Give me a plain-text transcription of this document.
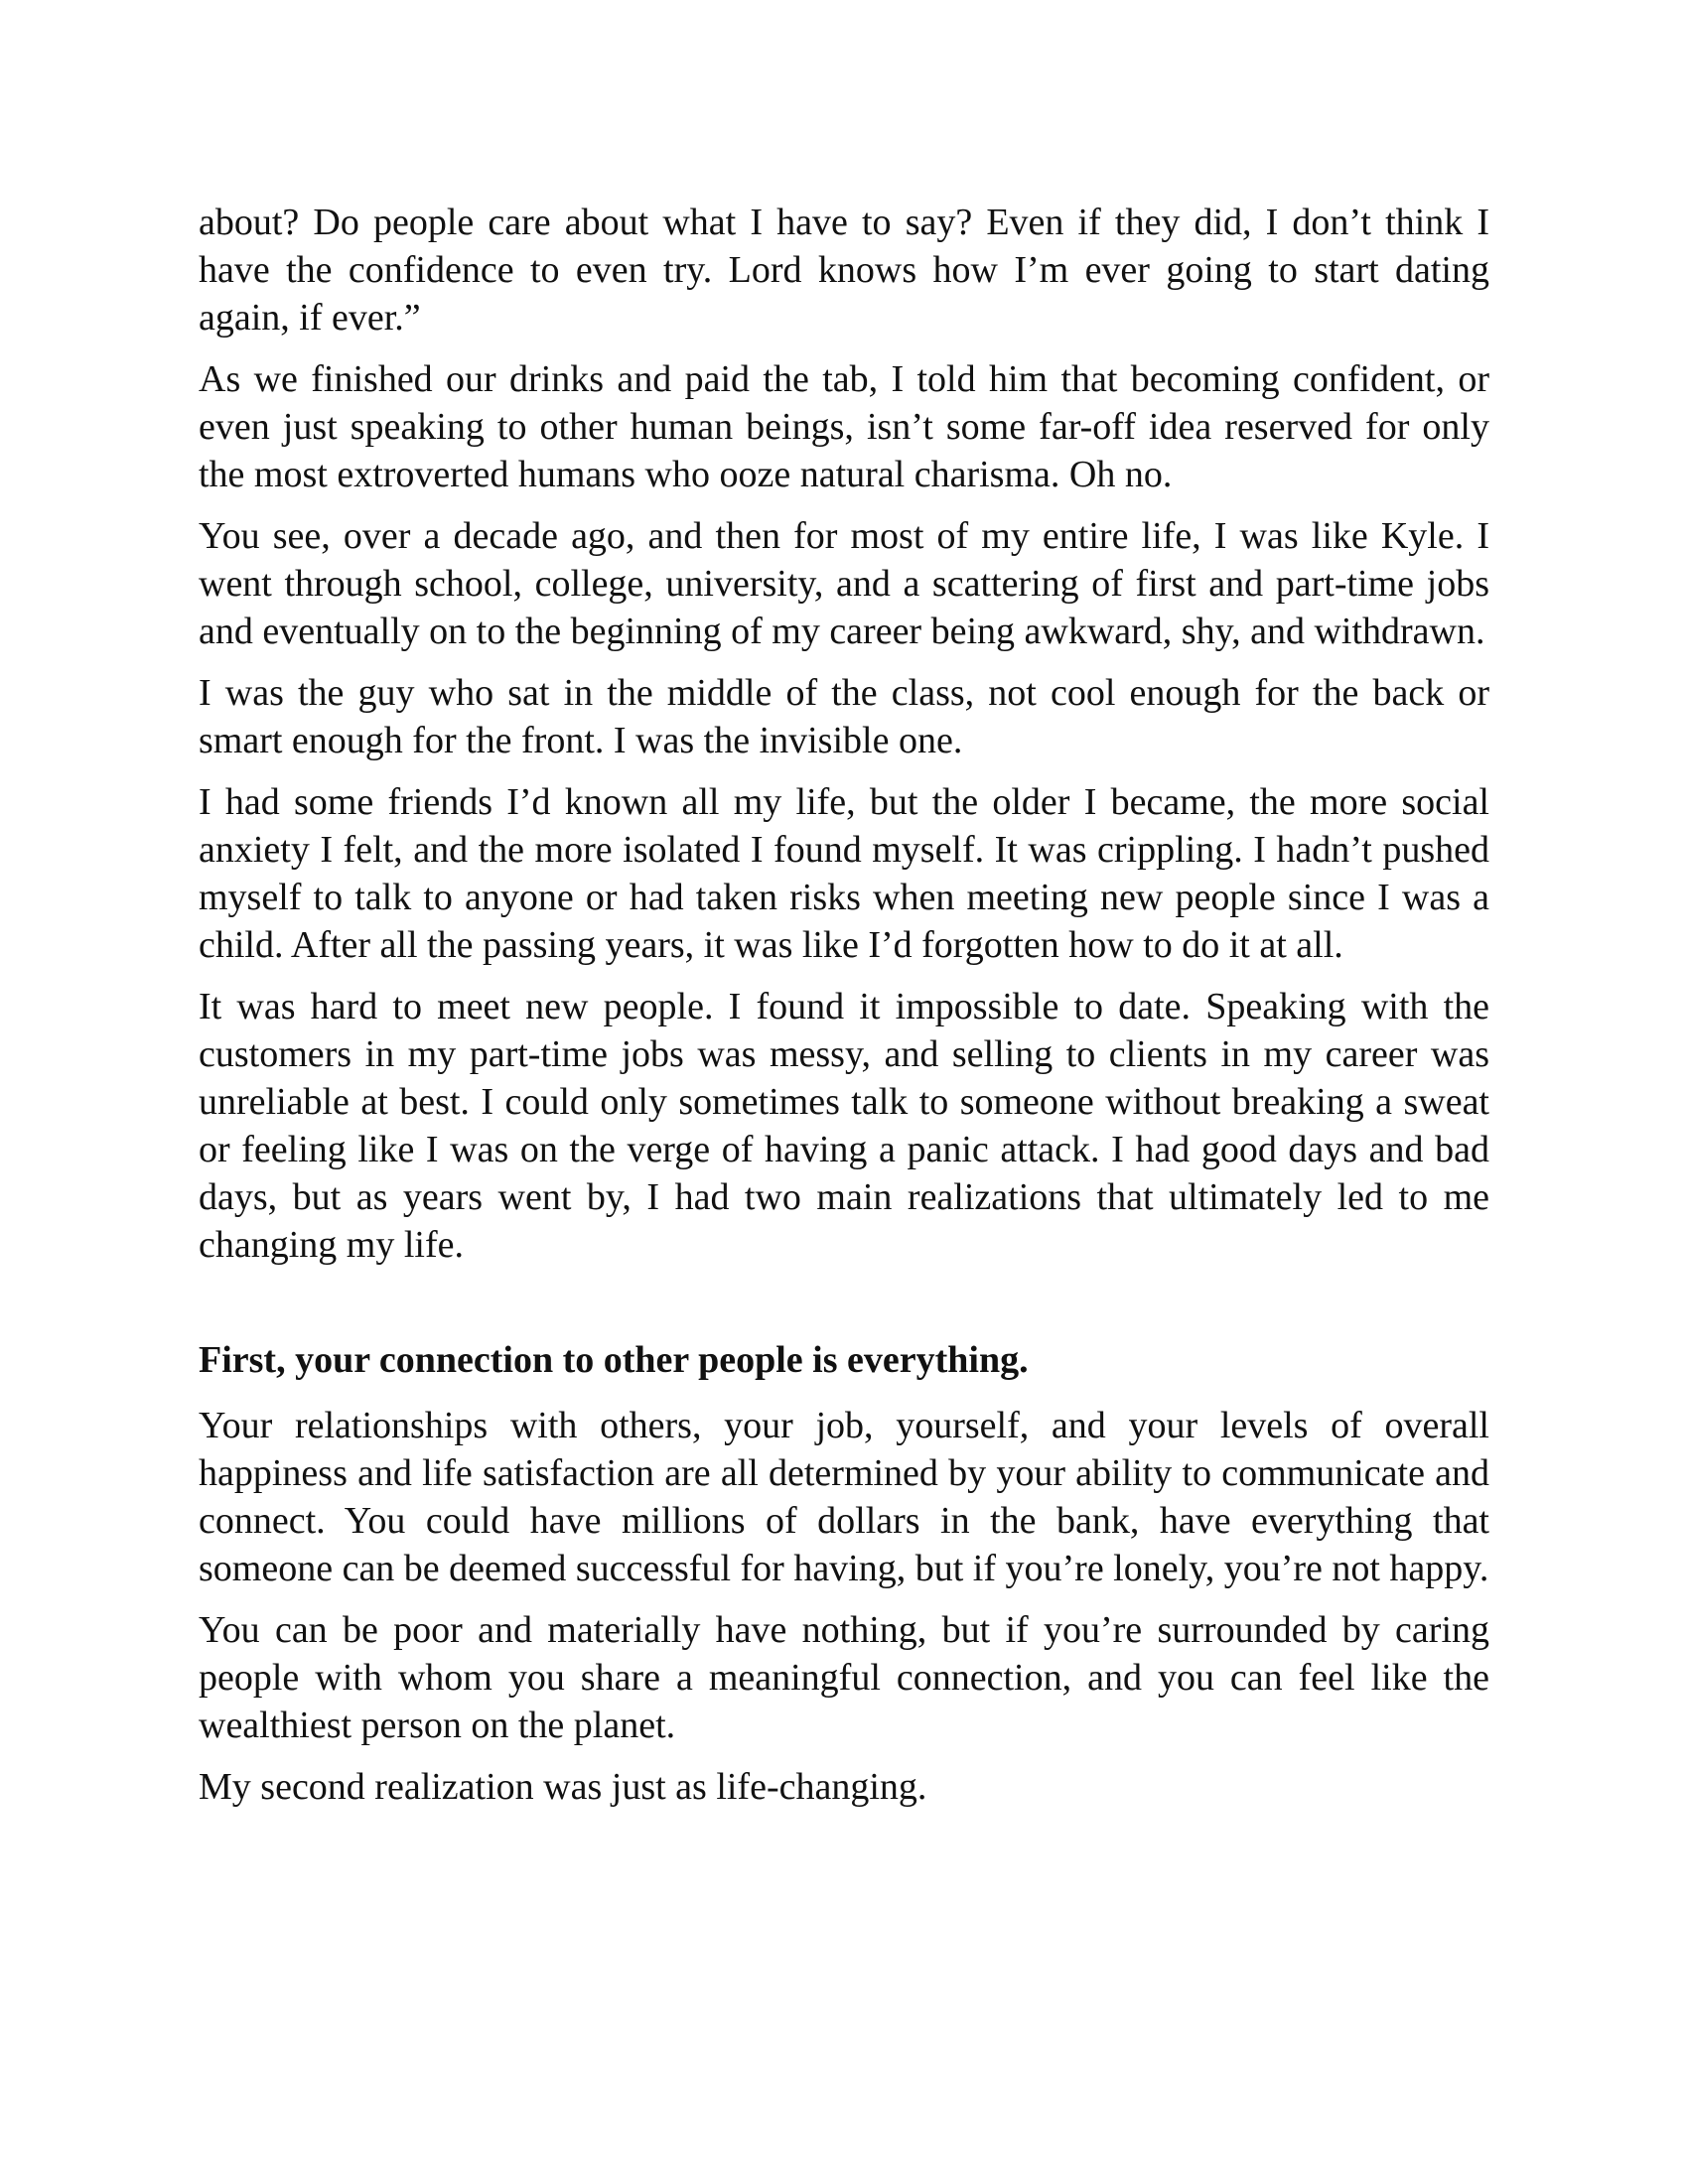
about? Do people care about what I have to say? Even if they did, I don’t think I have the confidence to even try. Lord knows how I’m ever going to start dating again, if ever.”

As we finished our drinks and paid the tab, I told him that becoming confident, or even just speaking to other human beings, isn’t some far-off idea reserved for only the most extroverted humans who ooze natural charisma. Oh no.

You see, over a decade ago, and then for most of my entire life, I was like Kyle. I went through school, college, university, and a scattering of first and part-time jobs and eventually on to the beginning of my career being awkward, shy, and withdrawn.

I was the guy who sat in the middle of the class, not cool enough for the back or smart enough for the front. I was the invisible one.

I had some friends I’d known all my life, but the older I became, the more social anxiety I felt, and the more isolated I found myself. It was crippling. I hadn’t pushed myself to talk to anyone or had taken risks when meeting new people since I was a child. After all the passing years, it was like I’d forgotten how to do it at all.

It was hard to meet new people. I found it impossible to date. Speaking with the customers in my part-time jobs was messy, and selling to clients in my career was unreliable at best. I could only sometimes talk to someone without breaking a sweat or feeling like I was on the verge of having a panic attack. I had good days and bad days, but as years went by, I had two main realizations that ultimately led to me changing my life.

First, your connection to other people is everything.

Your relationships with others, your job, yourself, and your levels of overall happiness and life satisfaction are all determined by your ability to communicate and connect. You could have millions of dollars in the bank, have everything that someone can be deemed successful for having, but if you’re lonely, you’re not happy.

You can be poor and materially have nothing, but if you’re surrounded by caring people with whom you share a meaningful connection, and you can feel like the wealthiest person on the planet.

My second realization was just as life-changing.
